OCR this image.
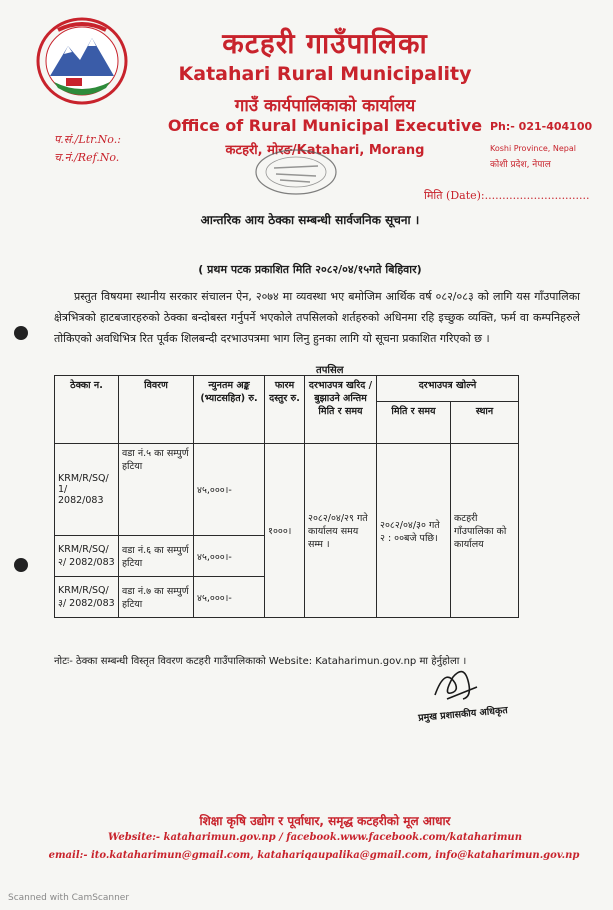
कटहरी गाउँपालिका
Katahari Rural Municipality
गाउँ कार्यपालिकाको कार्यालय
Office of Rural Municipal Executive
कटहरी, मोरङ/Katahari, Morang
प.सं./Ltr.No.:
च.नं./Ref.No.
Ph:- 021-404100
Koshi Province, Nepal
कोशी प्रदेश, नेपाल
मिति (Date):..............................
आन्तरिक आय ठेक्का सम्बन्धी सार्वजनिक सूचना ।
( प्रथम पटक प्रकाशित मिति २०८२/०४/१५गते बिहिवार)
प्रस्तुत विषयमा स्थानीय सरकार संचालन ऐन, २०७४ मा व्यवस्था भए बमोजिम आर्थिक वर्ष ०८२/०८३ को लागि यस गाँउपालिका क्षेत्रभित्रको हाटबजारहरुको ठेक्का बन्दोबस्त गर्नुपर्ने भएकोले तपसिलको शर्तहरुको अधिनमा रहि इच्छुक व्यक्ति, फर्म वा कम्पनिहरुले तोकिएको अवधिभित्र रित पूर्वक शिलबन्दी दरभाउपत्रमा भाग लिनु हुनका लागि यो सूचना प्रकाशित गरिएको छ ।
तपसिल
ठेक्का न.	विवरण	न्युनतम अङ्क (भ्याटसहित) रु.	फारम दस्तुर रु.	दरभाउपत्र खरिद /बुझाउने अन्तिम मिति र समय	दरभाउपत्र खोल्ने	
					मिति र समय	स्थान
KRM/R/SQ/ 1/ 2082/083	वडा नं.५ का सम्पुर्ण हटिया	४५,०००।-	१०००।	२०८२/०४/२९ गते कार्यालय समय सम्म ।	२०८२/०४/३० गते २ : ००बजे पछि।	कटहरी गाँउपालिका को कार्यालय
KRM/R/SQ/ २/ 2082/083	वडा नं.६ का सम्पुर्ण हटिया	४५,०००।-				
KRM/R/SQ/ ३/ 2082/083	वडा नं.७ का सम्पुर्ण हटिया	४५,०००।-				
नोटः- ठेक्का सम्बन्धी विस्तृत विवरण कटहरी गाउँपालिकाको Website: Kataharimun.gov.np मा हेर्नुहोला ।
प्रमुख प्रशासकीय अधिकृत
शिक्षा कृषि उद्योग र पूर्वाधार, समृद्ध कटहरीको मूल आधार
Website:- kataharimun.gov.np / facebook.www.facebook.com/kataharimun
email:- ito.kataharimun@gmail.com, katahariqaupalika@gmail.com, info@kataharimun.gov.np
Scanned with CamScanner
